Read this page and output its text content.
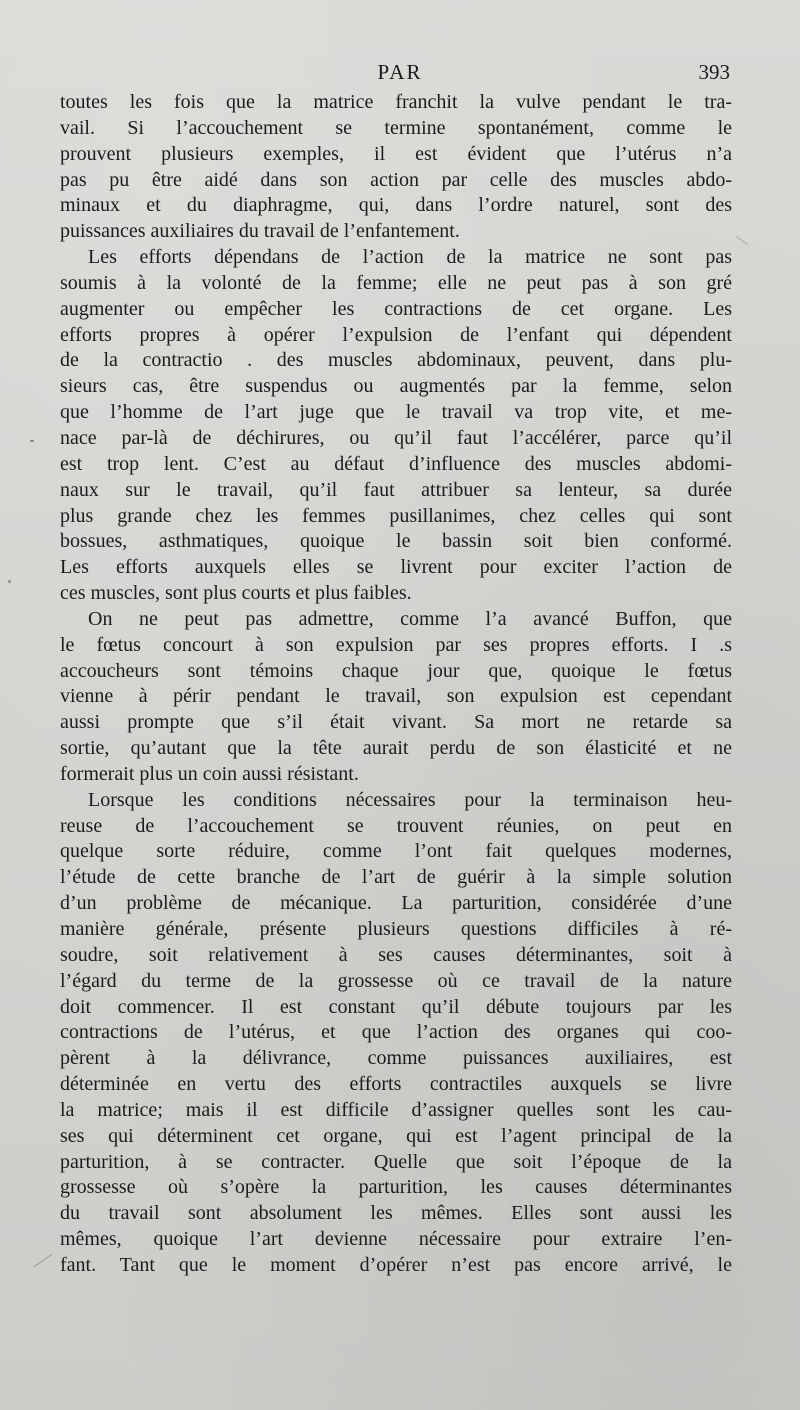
PAR	393
toutes les fois que la matrice franchit la vulve pendant le tra-
vail. Si l’accouchement se termine spontanément, comme le
prouvent plusieurs exemples, il est évident que l’utérus n’a
pas pu être aidé dans son action par celle des muscles abdo-
minaux et du diaphragme, qui, dans l’ordre naturel, sont des
puissances auxiliaires du travail de l’enfantement.
Les efforts dépendans de l’action de la matrice ne sont pas
soumis à la volonté de la femme; elle ne peut pas à son gré
augmenter ou empêcher les contractions de cet organe. Les
efforts propres à opérer l’expulsion de l’enfant qui dépendent
de la contractio . des muscles abdominaux, peuvent, dans plu-
sieurs cas, être suspendus ou augmentés par la femme, selon
que l’homme de l’art juge que le travail va trop vite, et me-
nace par-là de déchirures, ou qu’il faut l’accélérer, parce qu’il
est trop lent. C’est au défaut d’influence des muscles abdomi-
naux sur le travail, qu’il faut attribuer sa lenteur, sa durée
plus grande chez les femmes pusillanimes, chez celles qui sont
bossues, asthmatiques, quoique le bassin soit bien conformé.
Les efforts auxquels elles se livrent pour exciter l’action de
ces muscles, sont plus courts et plus faibles.
On ne peut pas admettre, comme l’a avancé Buffon, que
le fœtus concourt à son expulsion par ses propres efforts. I .s
accoucheurs sont témoins chaque jour que, quoique le fœtus
vienne à périr pendant le travail, son expulsion est cependant
aussi prompte que s’il était vivant. Sa mort ne retarde sa
sortie, qu’autant que la tête aurait perdu de son élasticité et ne
formerait plus un coin aussi résistant.
Lorsque les conditions nécessaires pour la terminaison heu-
reuse de l’accouchement se trouvent réunies, on peut en
quelque sorte réduire, comme l’ont fait quelques modernes,
l’étude de cette branche de l’art de guérir à la simple solution
d’un problème de mécanique. La parturition, considérée d’une
manière générale, présente plusieurs questions difficiles à ré-
soudre, soit relativement à ses causes déterminantes, soit à
l’égard du terme de la grossesse où ce travail de la nature
doit commencer. Il est constant qu’il débute toujours par les
contractions de l’utérus, et que l’action des organes qui coo-
pèrent à la délivrance, comme puissances auxiliaires, est
déterminée en vertu des efforts contractiles auxquels se livre
la matrice; mais il est difficile d’assigner quelles sont les cau-
ses qui déterminent cet organe, qui est l’agent principal de la
parturition, à se contracter. Quelle que soit l’époque de la
grossesse où s’opère la parturition, les causes déterminantes
du travail sont absolument les mêmes. Elles sont aussi les
mêmes, quoique l’art devienne nécessaire pour extraire l’en-
fant. Tant que le moment d’opérer n’est pas encore arrivé, le
